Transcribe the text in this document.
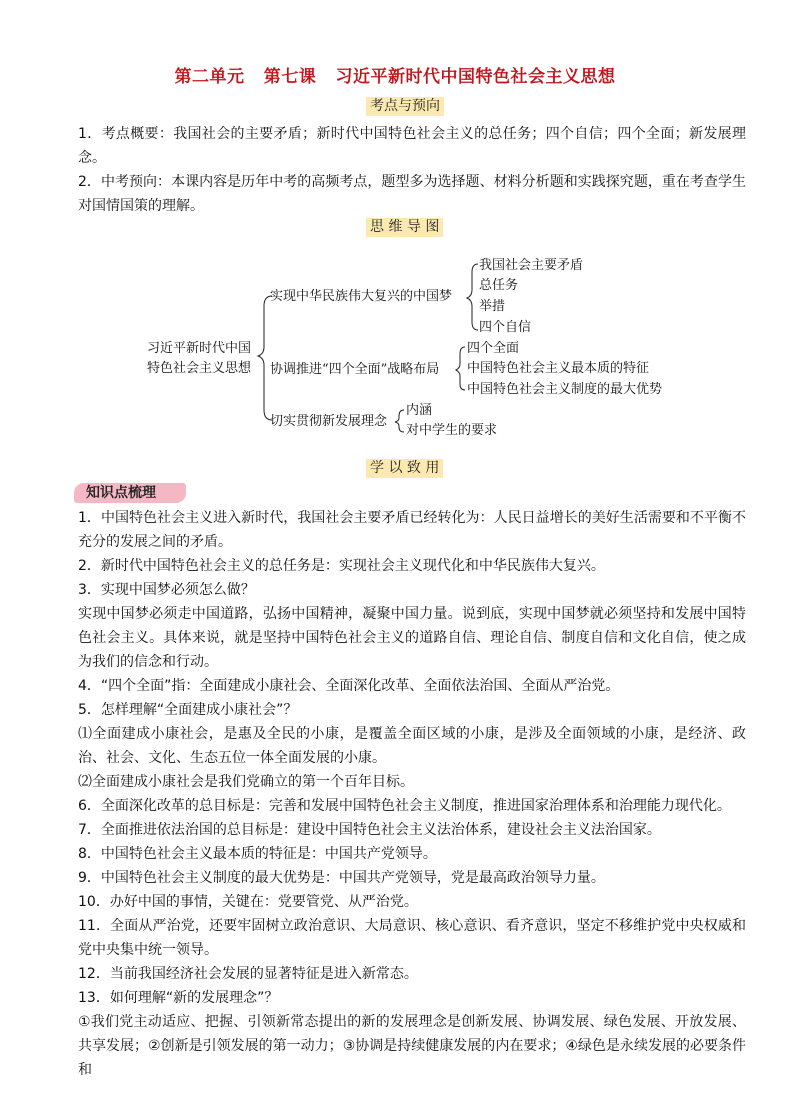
第二单元   第七课   习近平新时代中国特色社会主义思想
考点与预向
1．考点概要：我国社会的主要矛盾；新时代中国特色社会主义的总任务；四个自信；四个全面；新发展理念。
2．中考预向：本课内容是历年中考的高频考点，题型多为选择题、材料分析题和实践探究题，重在考查学生对国情国策的理解。
思 维 导 图
习近平新时代中国
特色社会主义思想
实现中华民族伟大复兴的中国梦
我国社会主要矛盾
总任务
举措
四个自信
协调推进“四个全面”战略布局
四个全面
中国特色社会主义最本质的特征
中国特色社会主义制度的最大优势
切实贯彻新发展理念
内涵
对中学生的要求
学 以 致 用
知识点梳理
1．中国特色社会主义进入新时代，我国社会主要矛盾已经转化为：人民日益增长的美好生活需要和不平衡不充分的发展之间的矛盾。
2．新时代中国特色社会主义的总任务是：实现社会主义现代化和中华民族伟大复兴。
3．实现中国梦必须怎么做？
实现中国梦必须走中国道路，弘扬中国精神，凝聚中国力量。说到底，实现中国梦就必须坚持和发展中国特色社会主义。具体来说，就是坚持中国特色社会主义的道路自信、理论自信、制度自信和文化自信，使之成为我们的信念和行动。
4．“四个全面”指：全面建成小康社会、全面深化改革、全面依法治国、全面从严治党。
5．怎样理解“全面建成小康社会”？
⑴全面建成小康社会，是惠及全民的小康，是覆盖全面区域的小康，是涉及全面领域的小康，是经济、政治、社会、文化、生态五位一体全面发展的小康。
⑵全面建成小康社会是我们党确立的第一个百年目标。
6．全面深化改革的总目标是：完善和发展中国特色社会主义制度，推进国家治理体系和治理能力现代化。
7．全面推进依法治国的总目标是：建设中国特色社会主义法治体系，建设社会主义法治国家。
8．中国特色社会主义最本质的特征是：中国共产党领导。
9．中国特色社会主义制度的最大优势是：中国共产党领导，党是最高政治领导力量。
10．办好中国的事情，关键在：党要管党、从严治党。
11．全面从严治党，还要牢固树立政治意识、大局意识、核心意识、看齐意识，坚定不移维护党中央权威和党中央集中统一领导。
12．当前我国经济社会发展的显著特征是进入新常态。
13．如何理解“新的发展理念”？
①我们党主动适应、把握、引领新常态提出的新的发展理念是创新发展、协调发展、绿色发展、开放发展、共享发展；②创新是引领发展的第一动力；③协调是持续健康发展的内在要求；④绿色是永续发展的必要条件和
